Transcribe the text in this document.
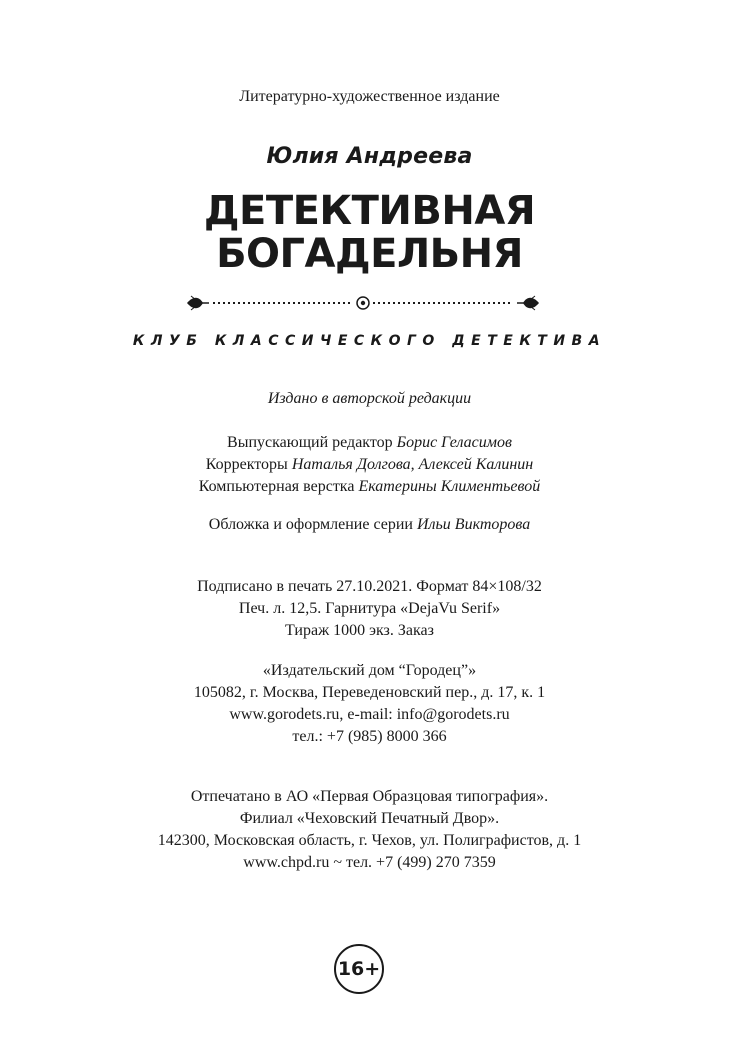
Литературно-художественное издание
Юлия Андреева
ДЕТЕКТИВНАЯ
БОГАДЕЛЬНЯ
КЛУБ КЛАССИЧЕСКОГО ДЕТЕКТИВА
Издано в авторской редакции
Выпускающий редактор Борис Геласимов
Корректоры Наталья Долгова, Алексей Калинин
Компьютерная верстка Екатерины Климентьевой
Обложка и оформление серии Ильи Викторова
Подписано в печать 27.10.2021. Формат 84×108/32
Печ. л. 12,5. Гарнитура «DejaVu Serif»
Тираж 1000 экз. Заказ
«Издательский дом “Городец”»
105082, г. Москва, Переведеновский пер., д. 17, к. 1
www.gorodets.ru, e-mail: info@gorodets.ru
тел.: +7 (985) 8000 366
Отпечатано в АО «Первая Образцовая типография».
Филиал «Чеховский Печатный Двор».
142300, Московская область, г. Чехов, ул. Полиграфистов, д. 1
www.chpd.ru ~ тел. +7 (499) 270 7359
16+
